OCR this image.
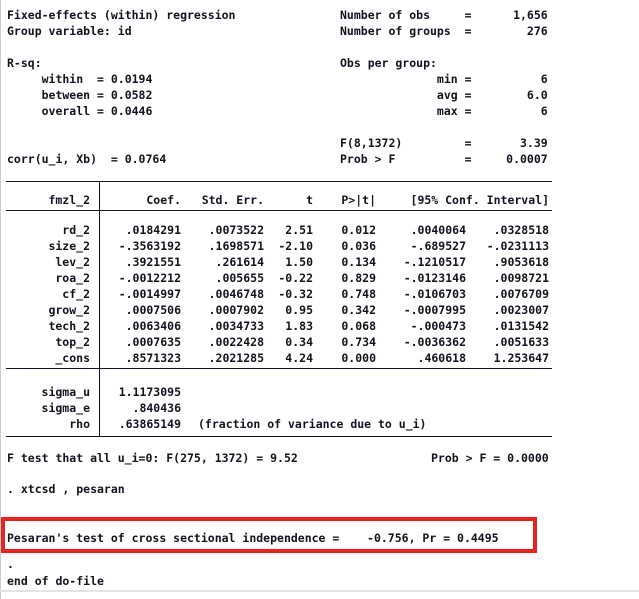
Fixed-effects (within) regression
Group variable: id

R-sq:
within  = 0.0194
between = 0.0582
overall = 0.0446

corr(u_i, Xb)  = 0.0764
Number of obs     =      1,656
Number of groups  =        276

Obs per group:
min =          6
avg =        6.0
max =          6

F(8,1372)         =       3.39
Prob > F          =     0.0007
fmzl_2	Coef.	Std. Err.	t	P>|t|	[95% Conf. Interval]
rd_2	.0184291	.0073522	2.51	0.012	.0040064	.0328518
size_2	-.3563192	.1698571	-2.10	0.036	-.689527	-.0231113
lev_2	.3921551	.261614	1.50	0.134	-.1210517	.9053618
roa_2	-.0012212	.005655	-0.22	0.829	-.0123146	.0098721
cf_2	-.0014997	.0046748	-0.32	0.748	-.0106703	.0076709
grow_2	.0007506	.0007902	0.95	0.342	-.0007995	.0023007
tech_2	.0063406	.0034733	1.83	0.068	-.000473	.0131542
top_2	.0007635	.0022428	0.34	0.734	-.0036362	.0051633
_cons	.8571323	.2021285	4.24	0.000	.460618	1.253647
sigma_u	1.1173095
sigma_e	.840436
rho	.63865149 (fraction of variance due to u_i)
F test that all u_i=0: F(275, 1372) = 9.52	Prob > F = 0.0000
. xtcsd , pesaran
Pesaran's test of cross sectional independence =    -0.756, Pr = 0.4495
.
end of do-file
